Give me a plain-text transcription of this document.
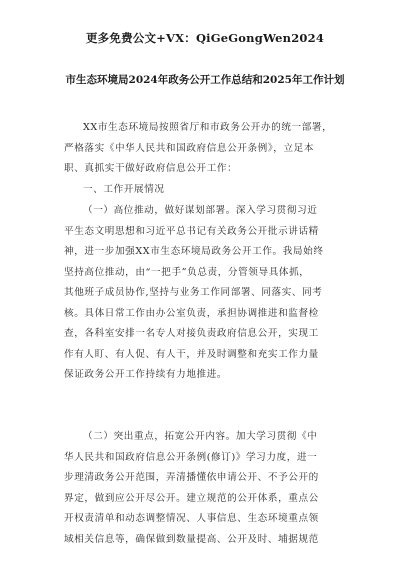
更多免费公文+VX：QiGeGongWen2024
市生态环境局2024年政务公开工作总结和2025年工作计划
XX市生态环境局按照省厅和市政务公开办的统一部署，
严格落实《中华人民共和国政府信息公开条例》，立足本
职、真抓实干做好政府信息公开工作：
一、工作开展情况
（一）高位推动，做好谋划部署。深入学习贯彻习近
平生态文明思想和习近平总书记有关政务公开批示讲话精
神，进一步加强XX市生态环境局政务公开工作。我局始终
坚持高位推动，由“一把手”负总责，分管领导具体抓，
其他班子成员协作,坚持与业务工作同部署、同落实、同考
核。具体日常工作由办公室负责，承担协调推进和监督检
查，各科室安排一名专人对接负责政府信息公开，实现工
作有人盯、有人促、有人干，并及时调整和充实工作力量
保证政务公开工作持续有力地推进。
（二）突出重点，拓宽公开内容。加大学习贯彻《中
华人民共和国政府信息公开条例(修订)》学习力度，进一
步理清政务公开范围，弄清播懂依申请公开、不予公开的
界定，做到应公开尽公开。建立规范的公开体系，重点公
开权责清单和动态调整情况、人事信息、生态环境重点领
域相关信息等，确保做到数量提高、公开及时、埔据规范
